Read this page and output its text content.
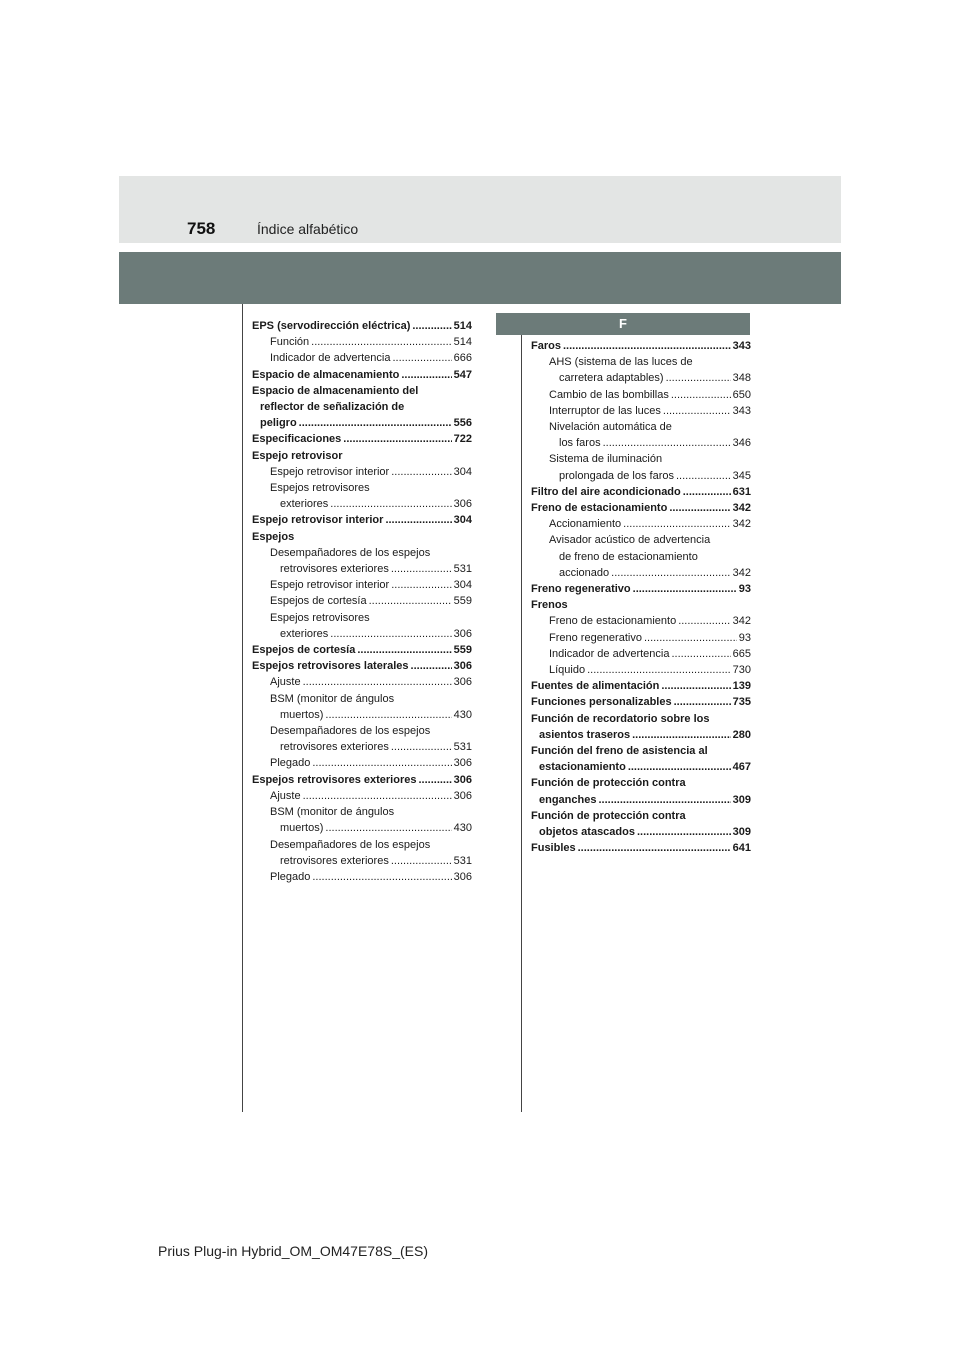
758	Índice alfabético
EPS (servodirección eléctrica) .....	514
Función .....	514
Indicador de advertencia .....	666
Espacio de almacenamiento .....	547
Espacio de almacenamiento del
reflector de señalización de
peligro .....	556
Especificaciones .....	722
Espejo retrovisor
Espejo retrovisor interior .....	304
Espejos retrovisores
exteriores .....	306
Espejo retrovisor interior .....	304
Espejos
Desempañadores de los espejos
retrovisores exteriores .....	531
Espejo retrovisor interior .....	304
Espejos de cortesía .....	559
Espejos retrovisores
exteriores .....	306
Espejos de cortesía .....	559
Espejos retrovisores laterales .....	306
Ajuste .....	306
BSM (monitor de ángulos
muertos) .....	430
Desempañadores de los espejos
retrovisores exteriores .....	531
Plegado .....	306
Espejos retrovisores exteriores .....	306
Ajuste .....	306
BSM (monitor de ángulos
muertos) .....	430
Desempañadores de los espejos
retrovisores exteriores .....	531
Plegado .....	306
F
Faros .....	343
AHS (sistema de las luces de
carretera adaptables) .....	348
Cambio de las bombillas .....	650
Interruptor de las luces .....	343
Nivelación automática de
los faros .....	346
Sistema de iluminación
prolongada de los faros .....	345
Filtro del aire acondicionado .....	631
Freno de estacionamiento .....	342
Accionamiento .....	342
Avisador acústico de advertencia
de freno de estacionamiento
accionado .....	342
Freno regenerativo .....	93
Frenos
Freno de estacionamiento .....	342
Freno regenerativo .....	93
Indicador de advertencia .....	665
Líquido .....	730
Fuentes de alimentación .....	139
Funciones personalizables .....	735
Función de recordatorio sobre los
asientos traseros .....	280
Función del freno de asistencia al
estacionamiento .....	467
Función de protección contra
enganches .....	309
Función de protección contra
objetos atascados .....	309
Fusibles .....	641
Prius Plug-in Hybrid_OM_OM47E78S_(ES)
